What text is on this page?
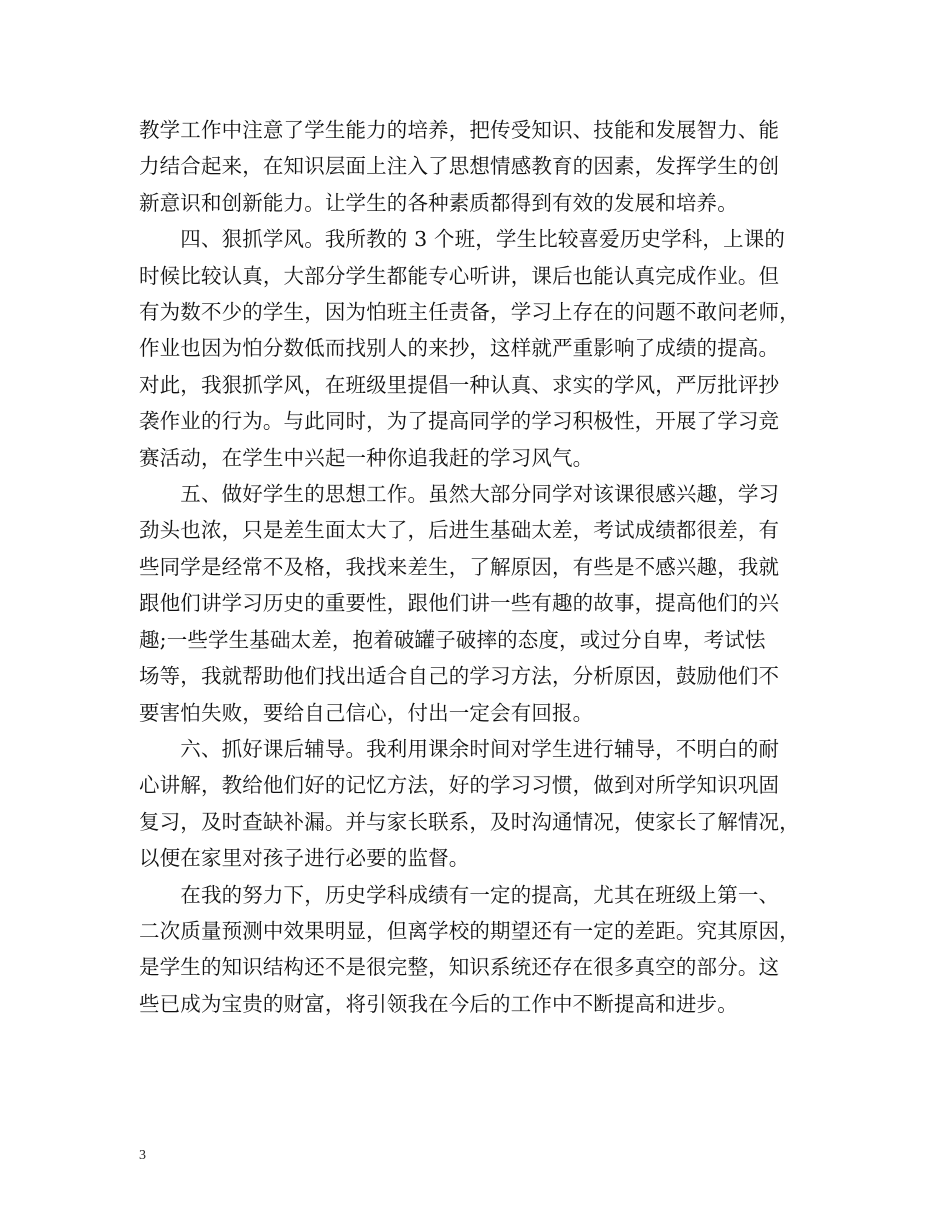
教学工作中注意了学生能力的培养，把传受知识、技能和发展智力、能
力结合起来，在知识层面上注入了思想情感教育的因素，发挥学生的创
新意识和创新能力。让学生的各种素质都得到有效的发展和培养。

　　四、狠抓学风。我所教的 3 个班，学生比较喜爱历史学科，上课的
时候比较认真，大部分学生都能专心听讲，课后也能认真完成作业。但
有为数不少的学生，因为怕班主任责备，学习上存在的问题不敢问老师，
作业也因为怕分数低而找别人的来抄，这样就严重影响了成绩的提高。
对此，我狠抓学风，在班级里提倡一种认真、求实的学风，严厉批评抄
袭作业的行为。与此同时，为了提高同学的学习积极性，开展了学习竞
赛活动，在学生中兴起一种你追我赶的学习风气。

　　五、做好学生的思想工作。虽然大部分同学对该课很感兴趣，学习
劲头也浓，只是差生面太大了，后进生基础太差，考试成绩都很差，有
些同学是经常不及格，我找来差生，了解原因，有些是不感兴趣，我就
跟他们讲学习历史的重要性，跟他们讲一些有趣的故事，提高他们的兴
趣;一些学生基础太差，抱着破罐子破摔的态度，或过分自卑，考试怯
场等，我就帮助他们找出适合自己的学习方法，分析原因，鼓励他们不
要害怕失败，要给自己信心，付出一定会有回报。

　　六、抓好课后辅导。我利用课余时间对学生进行辅导，不明白的耐
心讲解，教给他们好的记忆方法，好的学习习惯，做到对所学知识巩固
复习，及时查缺补漏。并与家长联系，及时沟通情况，使家长了解情况，
以便在家里对孩子进行必要的监督。

　　在我的努力下，历史学科成绩有一定的提高，尤其在班级上第一、
二次质量预测中效果明显，但离学校的期望还有一定的差距。究其原因，
是学生的知识结构还不是很完整，知识系统还存在很多真空的部分。这
些已成为宝贵的财富，将引领我在今后的工作中不断提高和进步。

3
